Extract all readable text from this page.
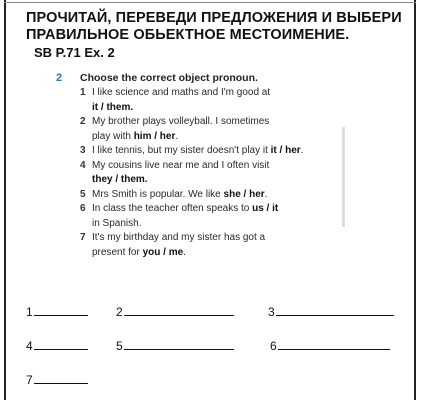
ПРОЧИТАЙ, ПЕРЕВЕДИ ПРЕДЛОЖЕНИЯ И ВЫБЕРИ
ПРАВИЛЬНОЕ ОБЬЕКТНОЕ МЕСТОИМЕНИЕ.
SB P.71 Ex. 2
2 Choose the correct object pronoun.
1 I like science and maths and I'm good at
it / them.
2 My brother plays volleyball. I sometimes
play with him / her.
3 I like tennis, but my sister doesn't play it it / her.
4 My cousins live near me and I often visit
they / them.
5 Mrs Smith is popular. We like she / her.
6 In class the teacher often speaks to us / it
in Spanish.
7 It's my birthday and my sister has got a
present for you / me.
1	2	3
4	5	6
7
